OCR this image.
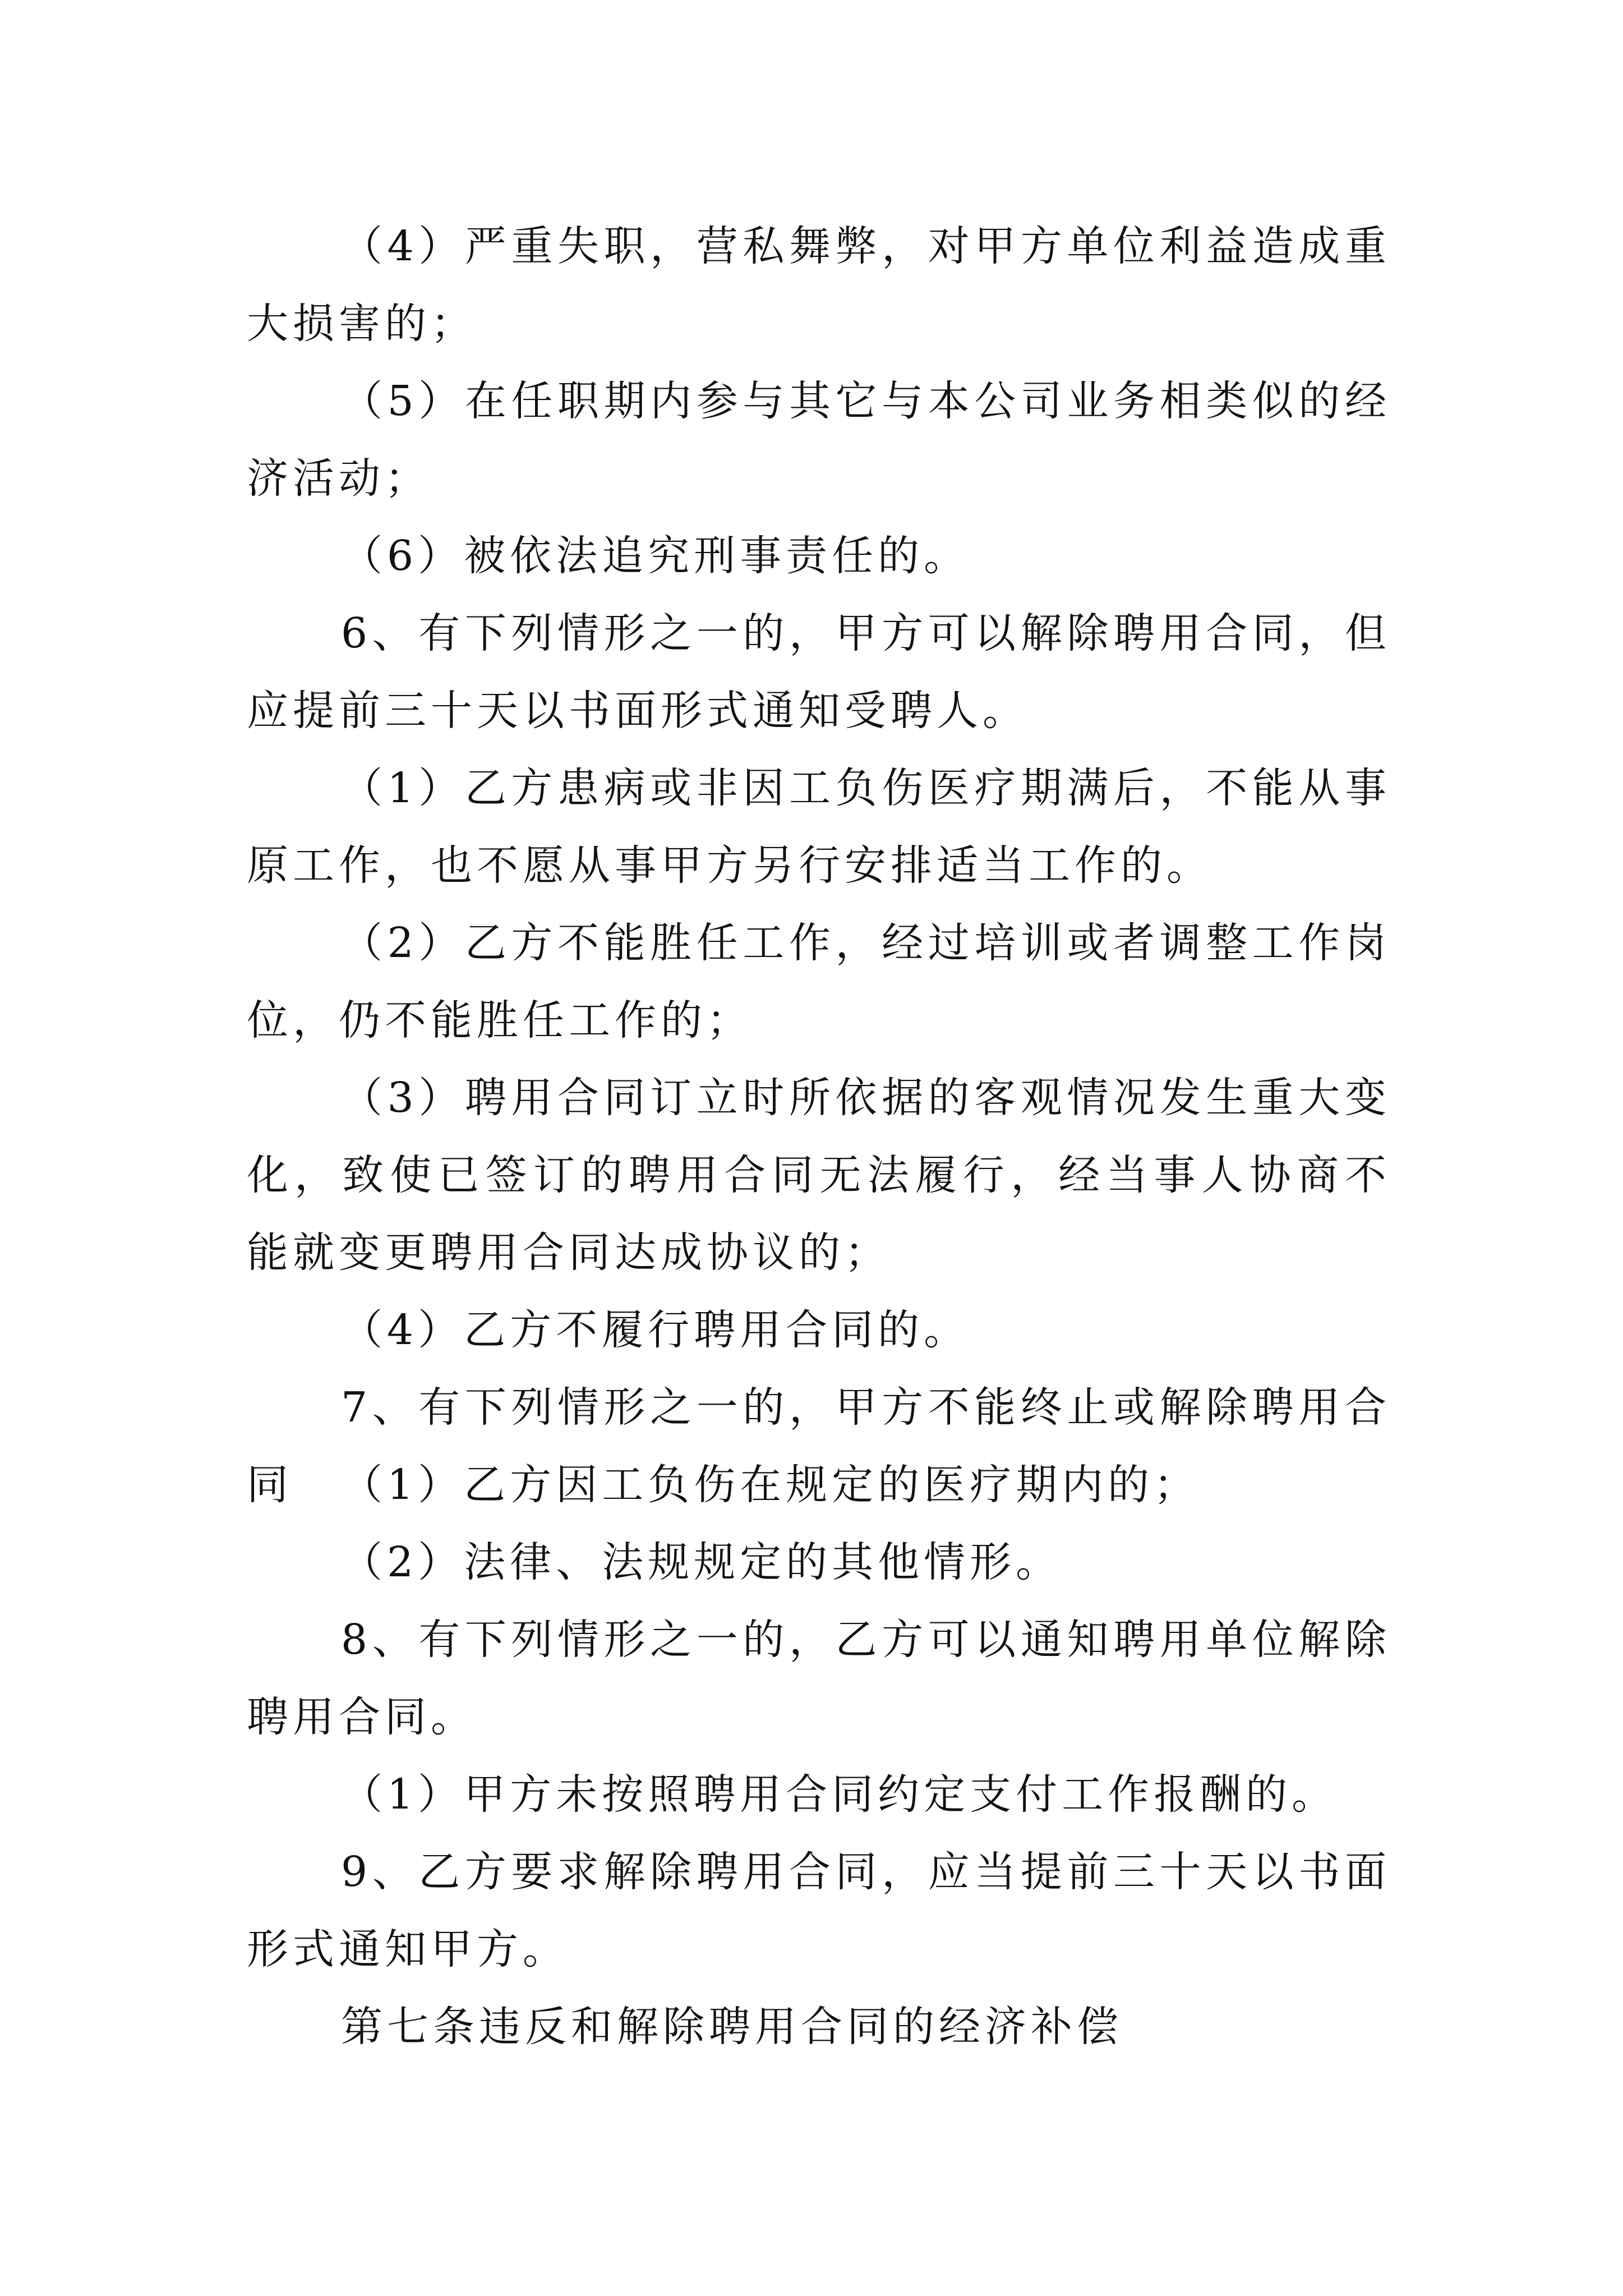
（4）严重失职，营私舞弊，对甲方单位利益造成重大损害的；

（5）在任职期内参与其它与本公司业务相类似的经济活动；

（6）被依法追究刑事责任的。

6、有下列情形之一的，甲方可以解除聘用合同，但应提前三十天以书面形式通知受聘人。

（1）乙方患病或非因工负伤医疗期满后，不能从事原工作，也不愿从事甲方另行安排适当工作的。

（2）乙方不能胜任工作，经过培训或者调整工作岗位，仍不能胜任工作的；

（3）聘用合同订立时所依据的客观情况发生重大变化，致使已签订的聘用合同无法履行，经当事人协商不能就变更聘用合同达成协议的；

（4）乙方不履行聘用合同的。

7、有下列情形之一的，甲方不能终止或解除聘用合同	（1）乙方因工负伤在规定的医疗期内的；

（2）法律、法规规定的其他情形。

8、有下列情形之一的，乙方可以通知聘用单位解除聘用合同。

（1）甲方未按照聘用合同约定支付工作报酬的。

9、乙方要求解除聘用合同，应当提前三十天以书面形式通知甲方。

第七条违反和解除聘用合同的经济补偿
